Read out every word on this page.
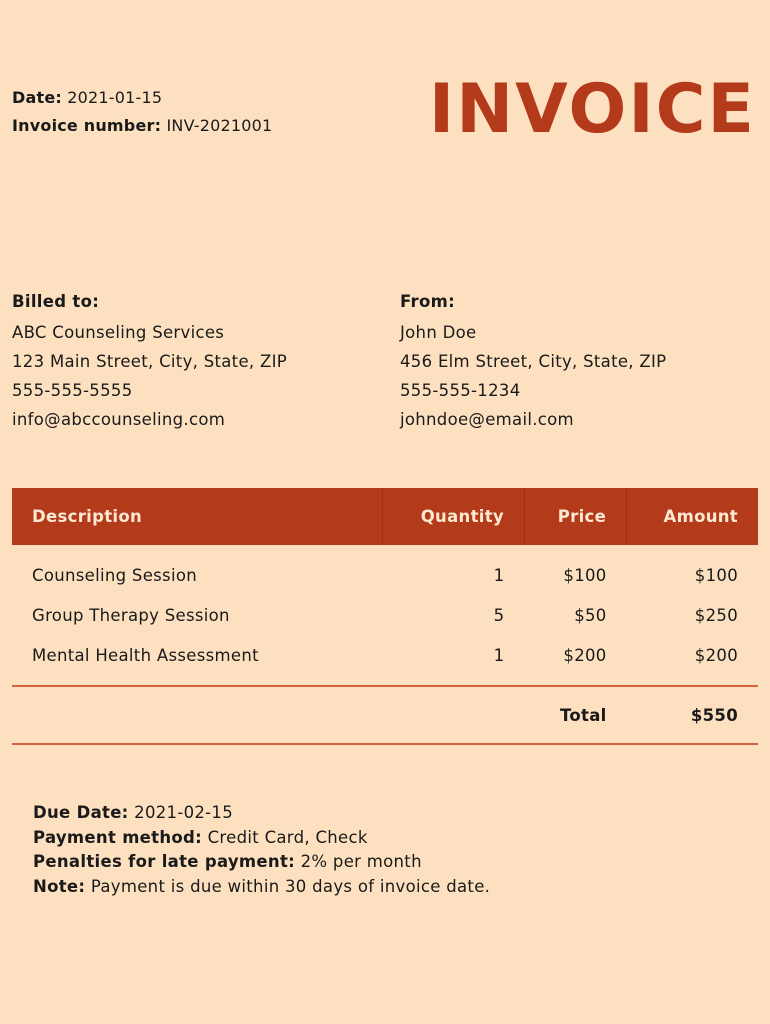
Date: 2021-01-15
Invoice number: INV-2021001 INVOICE
Billed to:
ABC Counseling Services
123 Main Street, City, State, ZIP
555-555-5555
info@abccounseling.com
From:
John Doe
456 Elm Street, City, State, ZIP
555-555-1234
johndoe@email.com
Description	Quantity	Price	Amount
Counseling Session	1	$100	$100
Group Therapy Session	5	$50	$250
Mental Health Assessment	1	$200	$200
		Total	$550
Due Date: 2021-02-15
Payment method: Credit Card, Check
Penalties for late payment: 2% per month
Note: Payment is due within 30 days of invoice date.
